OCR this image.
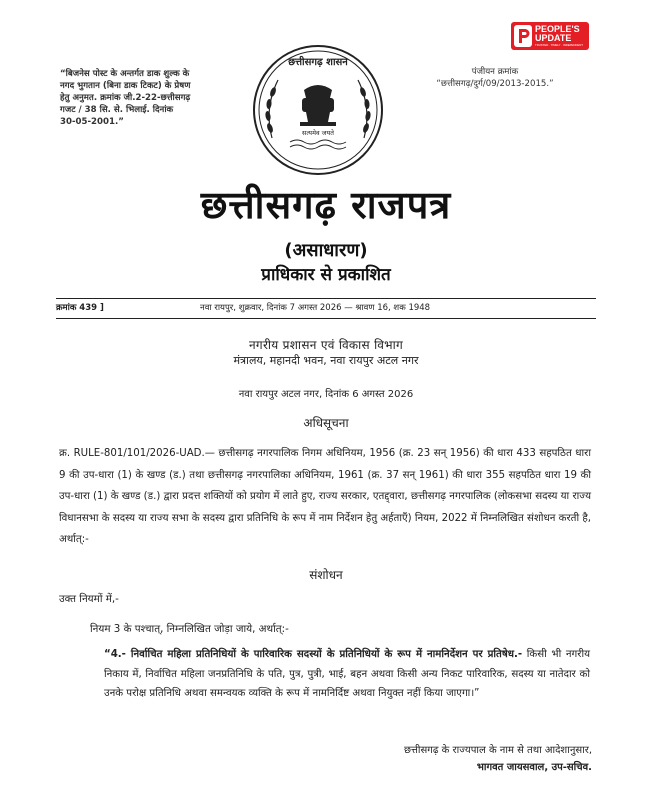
PEOPLE'S
UPDATE
TRUSTED · TIMELY · INDEPENDENT
“बिजनेस पोस्ट के अन्तर्गत डाक शुल्क के
नगद भुगतान (बिना डाक टिकट) के प्रेषण
हेतु अनुमत. क्रमांक जी.2-22-छत्तीसगढ़
गजट / 38 सि. से. भिलाई. दिनांक
30-05-2001.”
पंजीयन क्रमांक
“छत्तीसगढ़/दुर्ग/09/2013-2015.”
छत्तीसगढ़ शासन
सत्यमेव जयते
छत्तीसगढ़ राजपत्र
(असाधारण)
प्राधिकार से प्रकाशित
क्रमांक 439 ]	नवा रायपुर, शुक्रवार, दिनांक 7 अगस्त 2026 — श्रावण 16, शक 1948
नगरीय प्रशासन एवं विकास विभाग
मंत्रालय, महानदी भवन, नवा रायपुर अटल नगर
नवा रायपुर अटल नगर, दिनांक 6 अगस्त 2026
अधिसूचना
क्र. RULE-801/101/2026-UAD.— छत्तीसगढ़ नगरपालिक निगम अधिनियम, 1956 (क्र. 23 सन् 1956) की धारा 433 सहपठित धारा 9 की उप-धारा (1) के खण्ड (ड.) तथा छत्तीसगढ़ नगरपालिका अधिनियम, 1961 (क्र. 37 सन् 1961) की धारा 355 सहपठित धारा 19 की उप-धारा (1) के खण्ड (ड.) द्वारा प्रदत्त शक्तियों को प्रयोग में लाते हुए, राज्य सरकार, एतद्द्वारा, छत्तीसगढ़ नगरपालिक (लोकसभा सदस्य या राज्य विधानसभा के सदस्य या राज्य सभा के सदस्य द्वारा प्रतिनिधि के रूप में नाम निर्देशन हेतु अर्हताएँ) नियम, 2022 में निम्नलिखित संशोधन करती है, अर्थात्:-
संशोधन
उक्त नियमों में,-
नियम 3 के पश्चात्, निम्नलिखित जोड़ा जाये, अर्थात्:-
“4.- निर्वाचित महिला प्रतिनिधियों के पारिवारिक सदस्यों के प्रतिनिधियों के रूप में नामनिर्देशन पर प्रतिषेध.- किसी भी नगरीय निकाय में, निर्वाचित महिला जनप्रतिनिधि के पति, पुत्र, पुत्री, भाई, बहन अथवा किसी अन्य निकट पारिवारिक, सदस्य या नातेदार को उनके परोक्ष प्रतिनिधि अथवा समन्वयक व्यक्ति के रूप में नामनिर्दिष्ट अथवा नियुक्त नहीं किया जाएगा।”
छत्तीसगढ़ के राज्यपाल के नाम से तथा आदेशानुसार,
भागवत जायसवाल, उप-सचिव.
